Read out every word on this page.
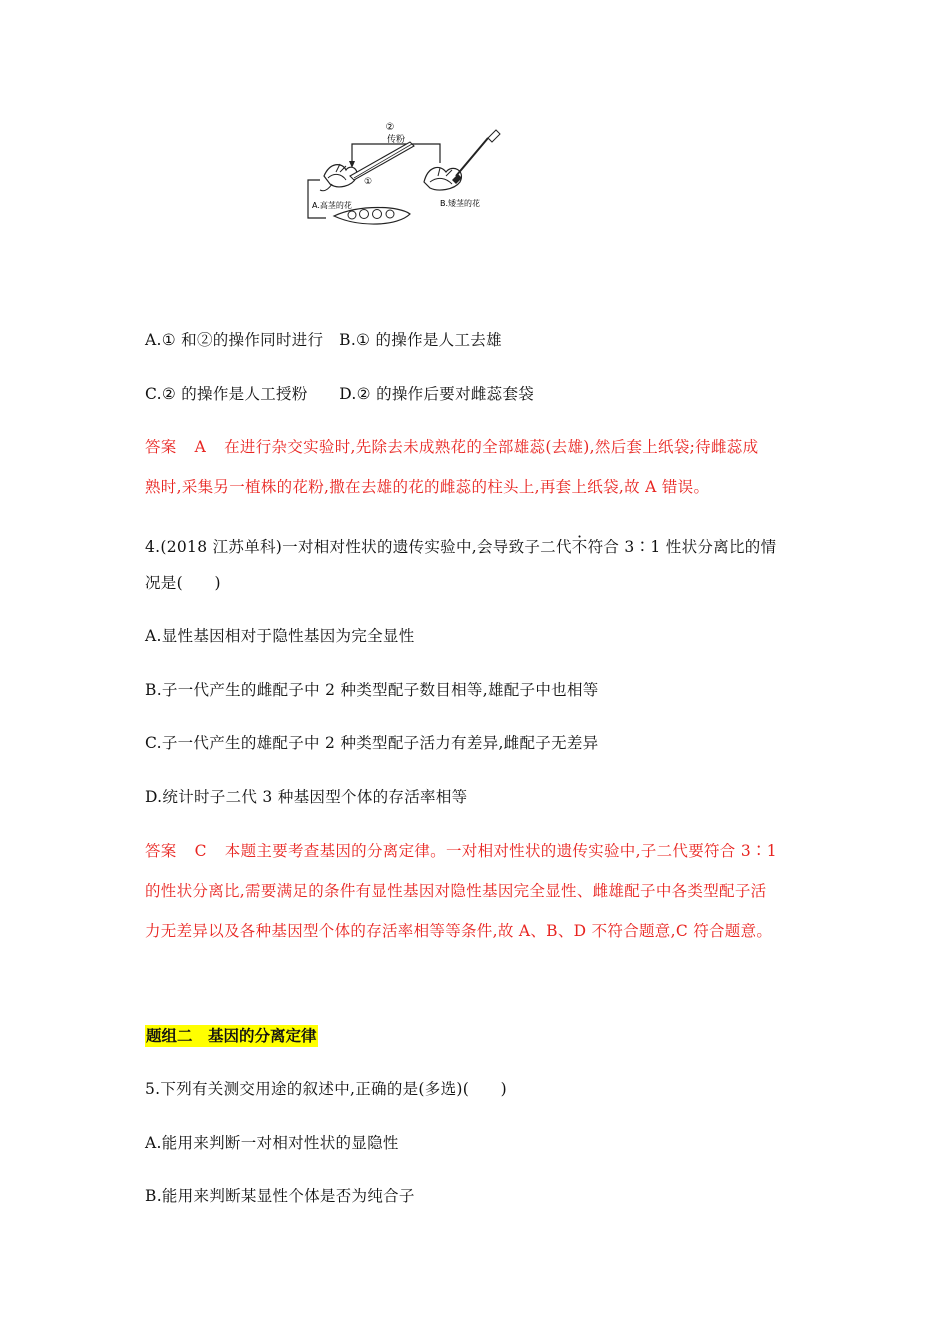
②
传粉
①
A.高茎的花	B.矮茎的花
A.① 和②的操作同时进行　B.① 的操作是人工去雄
C.② 的操作是人工授粉　　D.② 的操作后要对雌蕊套袋
答案 A 在进行杂交实验时,先除去未成熟花的全部雄蕊(去雄),然后套上纸袋;待雌蕊成
熟时,采集另一植株的花粉,撒在去雄的花的雌蕊的柱头上,再套上纸袋,故 A 错误。
4.(2018 江苏单科)一对相对性状的遗传实验中,会导致子二代不符合 3∶1 性状分离比的情
况是(　　)
A.显性基因相对于隐性基因为完全显性
B.子一代产生的雌配子中 2 种类型配子数目相等,雄配子中也相等
C.子一代产生的雄配子中 2 种类型配子活力有差异,雌配子无差异
D.统计时子二代 3 种基因型个体的存活率相等
答案 C 本题主要考查基因的分离定律。一对相对性状的遗传实验中,子二代要符合 3∶1
的性状分离比,需要满足的条件有显性基因对隐性基因完全显性、雌雄配子中各类型配子活
力无差异以及各种基因型个体的存活率相等等条件,故 A、B、D 不符合题意,C 符合题意。
题组二　基因的分离定律
5.下列有关测交用途的叙述中,正确的是(多选)(　　)
A.能用来判断一对相对性状的显隐性
B.能用来判断某显性个体是否为纯合子
